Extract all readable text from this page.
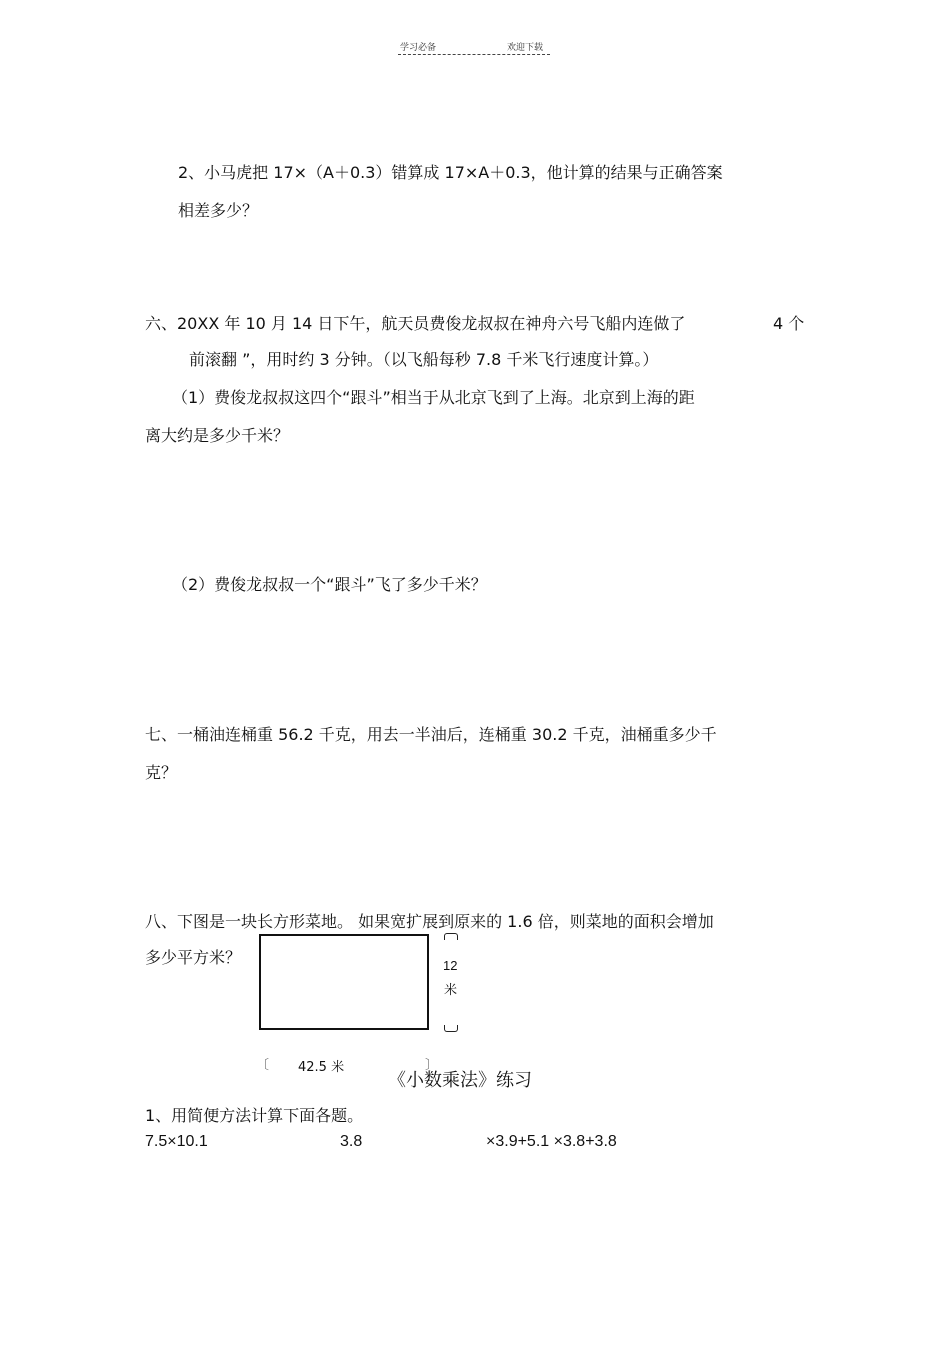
学习必备	欢迎下载
2、小马虎把 17×（A＋0.3）错算成 17×A＋0.3，他计算的结果与正确答案
相差多少？
六、20XX 年 10 月 14 日下午，航天员费俊龙叔叔在神舟六号飞船内连做了	4 个
前滚翻 ”，用时约 3 分钟。（以飞船每秒 7.8 千米飞行速度计算。）
（1）费俊龙叔叔这四个“跟斗”相当于从北京飞到了上海。北京到上海的距
离大约是多少千米？
（2）费俊龙叔叔一个“跟斗”飞了多少千米？
七、一桶油连桶重 56.2 千克，用去一半油后，连桶重 30.2 千克，油桶重多少千
克？
八、下图是一块长方形菜地。 如果宽扩展到原来的 1.6 倍，则菜地的面积会增加
多少平方米？	12
米
〔 42.5 米	〕
《小数乘法》练习
1、用简便方法计算下面各题。
7.5×10.1	3.8	×3.9+5.1 ×3.8+3.8
